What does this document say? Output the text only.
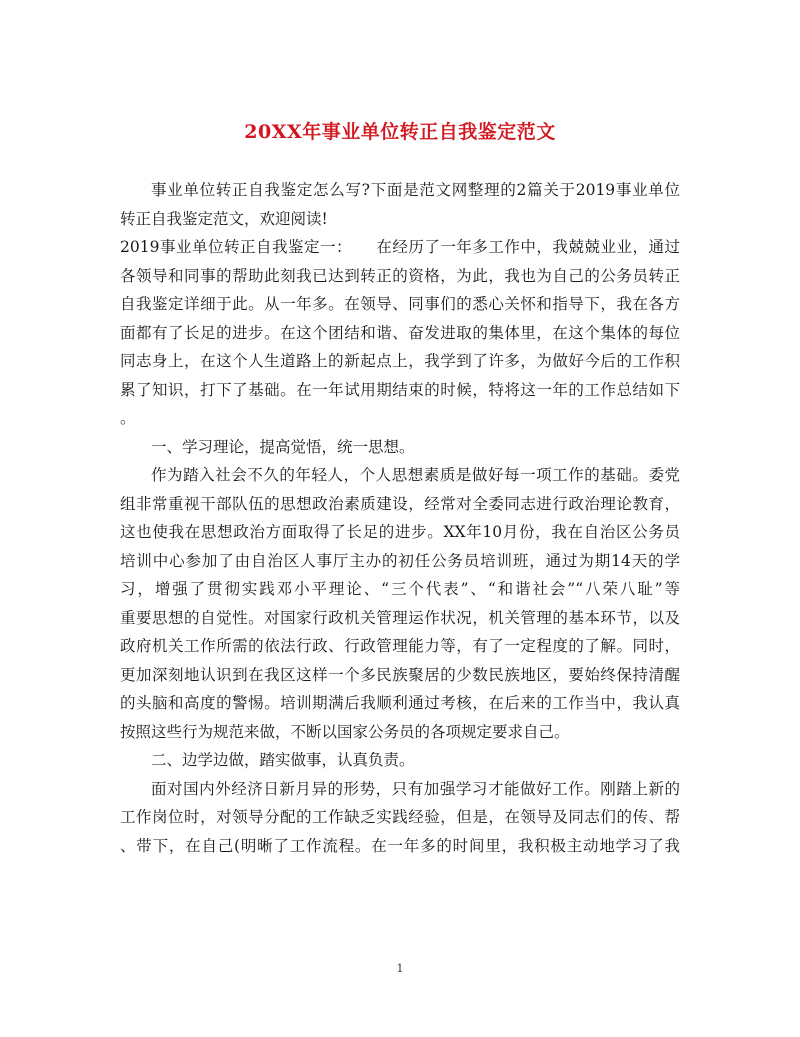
20XX年事业单位转正自我鉴定范文
事业单位转正自我鉴定怎么写?下面是范文网整理的2篇关于2019事业单位
转正自我鉴定范文，欢迎阅读!
2019事业单位转正自我鉴定一：　　在经历了一年多工作中，我兢兢业业，通过
各领导和同事的帮助此刻我已达到转正的资格，为此，我也为自己的公务员转正
自我鉴定详细于此。从一年多。在领导、同事们的悉心关怀和指导下，我在各方
面都有了长足的进步。在这个团结和谐、奋发进取的集体里，在这个集体的每位
同志身上，在这个人生道路上的新起点上，我学到了许多，为做好今后的工作积
累了知识，打下了基础。在一年试用期结束的时候，特将这一年的工作总结如下
。
一、学习理论，提高觉悟，统一思想。
作为踏入社会不久的年轻人，个人思想素质是做好每一项工作的基础。委党
组非常重视干部队伍的思想政治素质建设，经常对全委同志进行政治理论教育，
这也使我在思想政治方面取得了长足的进步。XX年10月份，我在自治区公务员
培训中心参加了由自治区人事厅主办的初任公务员培训班，通过为期14天的学
习，增强了贯彻实践邓小平理论、“三个代表”、“和谐社会”“八荣八耻”等
重要思想的自觉性。对国家行政机关管理运作状况，机关管理的基本环节，以及
政府机关工作所需的依法行政、行政管理能力等，有了一定程度的了解。同时，
更加深刻地认识到在我区这样一个多民族聚居的少数民族地区，要始终保持清醒
的头脑和高度的警惕。培训期满后我顺利通过考核，在后来的工作当中，我认真
按照这些行为规范来做，不断以国家公务员的各项规定要求自己。
二、边学边做，踏实做事，认真负责。
面对国内外经济日新月异的形势，只有加强学习才能做好工作。刚踏上新的
工作岗位时，对领导分配的工作缺乏实践经验，但是，在领导及同志们的传、帮
、带下，在自己(明晰了工作流程。在一年多的时间里，我积极主动地学习了我
1
